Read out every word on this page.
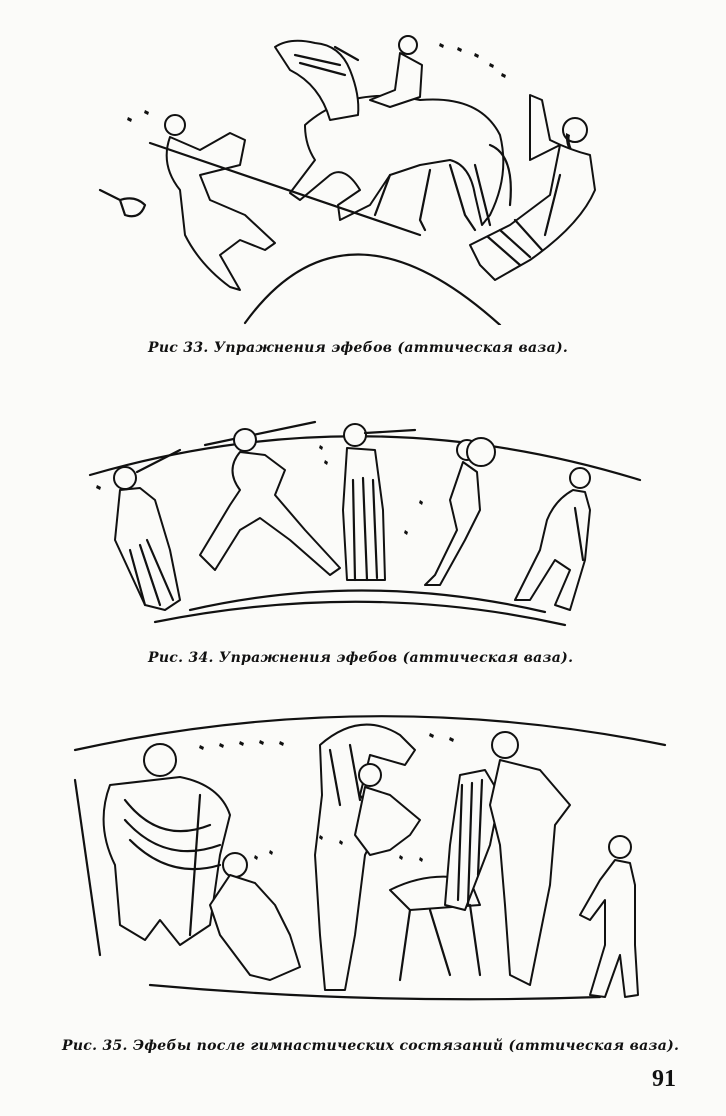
Рис 33. Упражнения эфебов (аттическая ваза).
Рис. 34. Упражнения эфебов (аттическая ваза).
Рис. 35. Эфебы после гимнастических состязаний (аттическая ваза).
91
